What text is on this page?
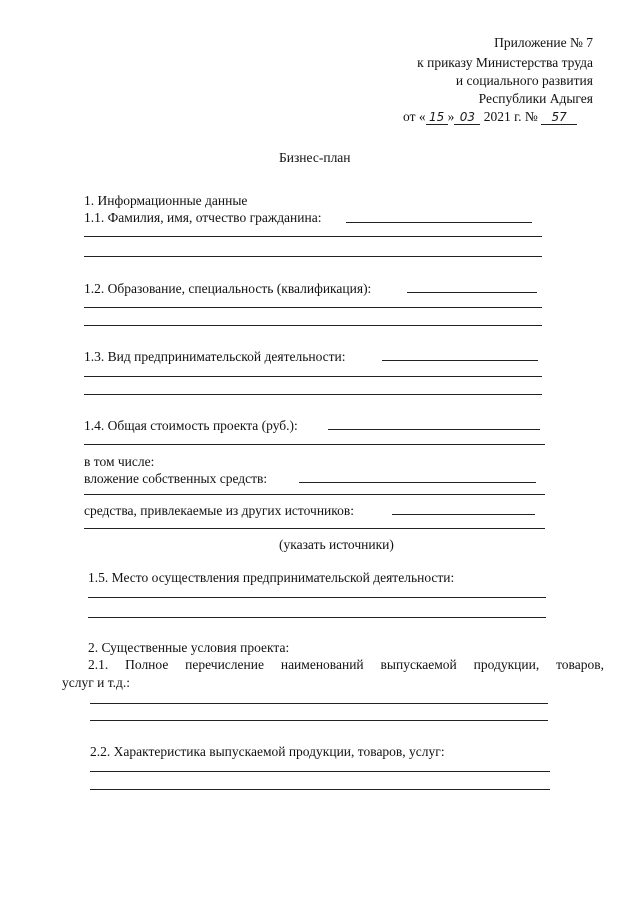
Приложение № 7
к приказу Министерства труда
и социального развития
Республики Адыгея
от « 15 » 03 2021 г. № 57
Бизнес-план
1. Информационные данные
1.1. Фамилия, имя, отчество гражданина:
1.2. Образование, специальность (квалификация):
1.3. Вид предпринимательской деятельности:
1.4. Общая стоимость проекта (руб.):
в том числе:
вложение собственных средств:
средства, привлекаемые из других источников:
(указать источники)
1.5. Место осуществления предпринимательской деятельности:
2. Существенные условия проекта:
2.1. Полное перечисление наименований выпускаемой продукции, товаров,
услуг и т.д.:
2.2. Характеристика выпускаемой продукции, товаров, услуг:
